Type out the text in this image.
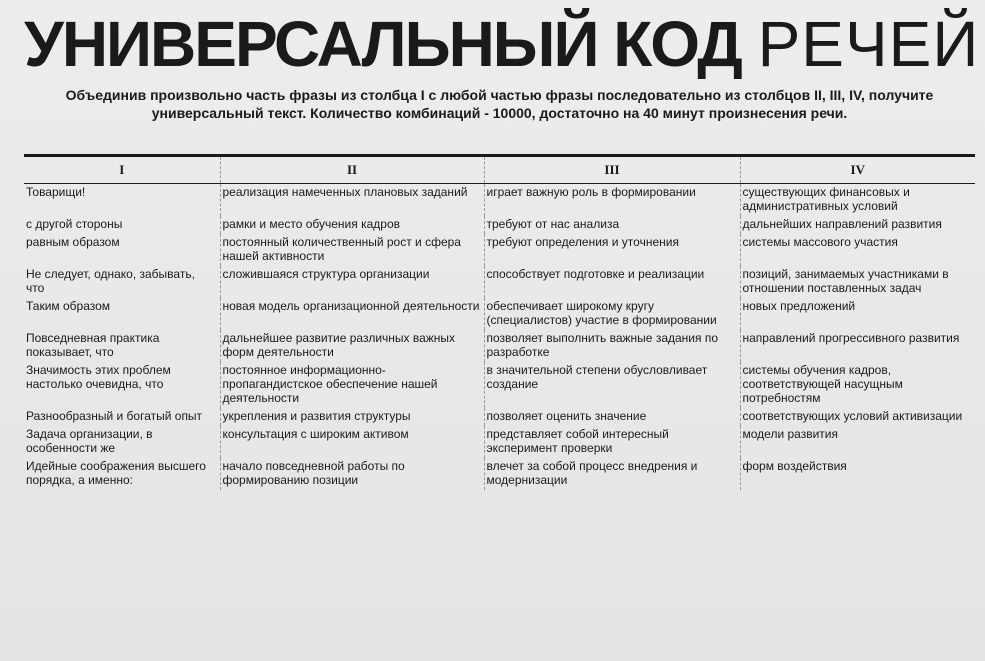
УНИВЕРСАЛЬНЫЙ КОД РЕЧЕЙ

Объединив произвольно часть фразы из столбца I с любой частью фразы последовательно из столбцов II, III, IV, получите универсальный текст. Количество комбинаций - 10000, достаточно на 40 минут произнесения речи.

I	II	III	IV
Товарищи!	реализация намеченных плановых заданий	играет важную роль в формировании	существующих финансовых и административных условий
с другой стороны	рамки и место обучения кадров	требуют от нас анализа	дальнейших направлений развития
равным образом	постоянный количественный рост и сфера нашей активности	требуют определения и уточнения	системы массового участия
Не следует, однако, забывать, что	сложившаяся структура организации	способствует подготовке и реализации	позиций, занимаемых участниками в отношении поставленных задач
Таким образом	новая модель организационной деятельности	обеспечивает широкому кругу (специалистов) участие в формировании	новых предложений
Повседневная практика показывает, что	дальнейшее развитие различных важных форм деятельности	позволяет выполнить важные задания по разработке	направлений прогрессивного развития
Значимость этих проблем настолько очевидна, что	постоянное информационно-пропагандистское обеспечение нашей деятельности	в значительной степени обусловливает создание	системы обучения кадров, соответствующей насущным потребностям
Разнообразный и богатый опыт	укрепления и развития структуры	позволяет оценить значение	соответствующих условий активизации
Задача организации, в особенности же	консультация с широким активом	представляет собой интересный эксперимент проверки	модели развития
Идейные соображения высшего порядка, а именно:	начало повседневной работы по формированию позиции	влечет за собой процесс внедрения и модернизации	форм воздействия
